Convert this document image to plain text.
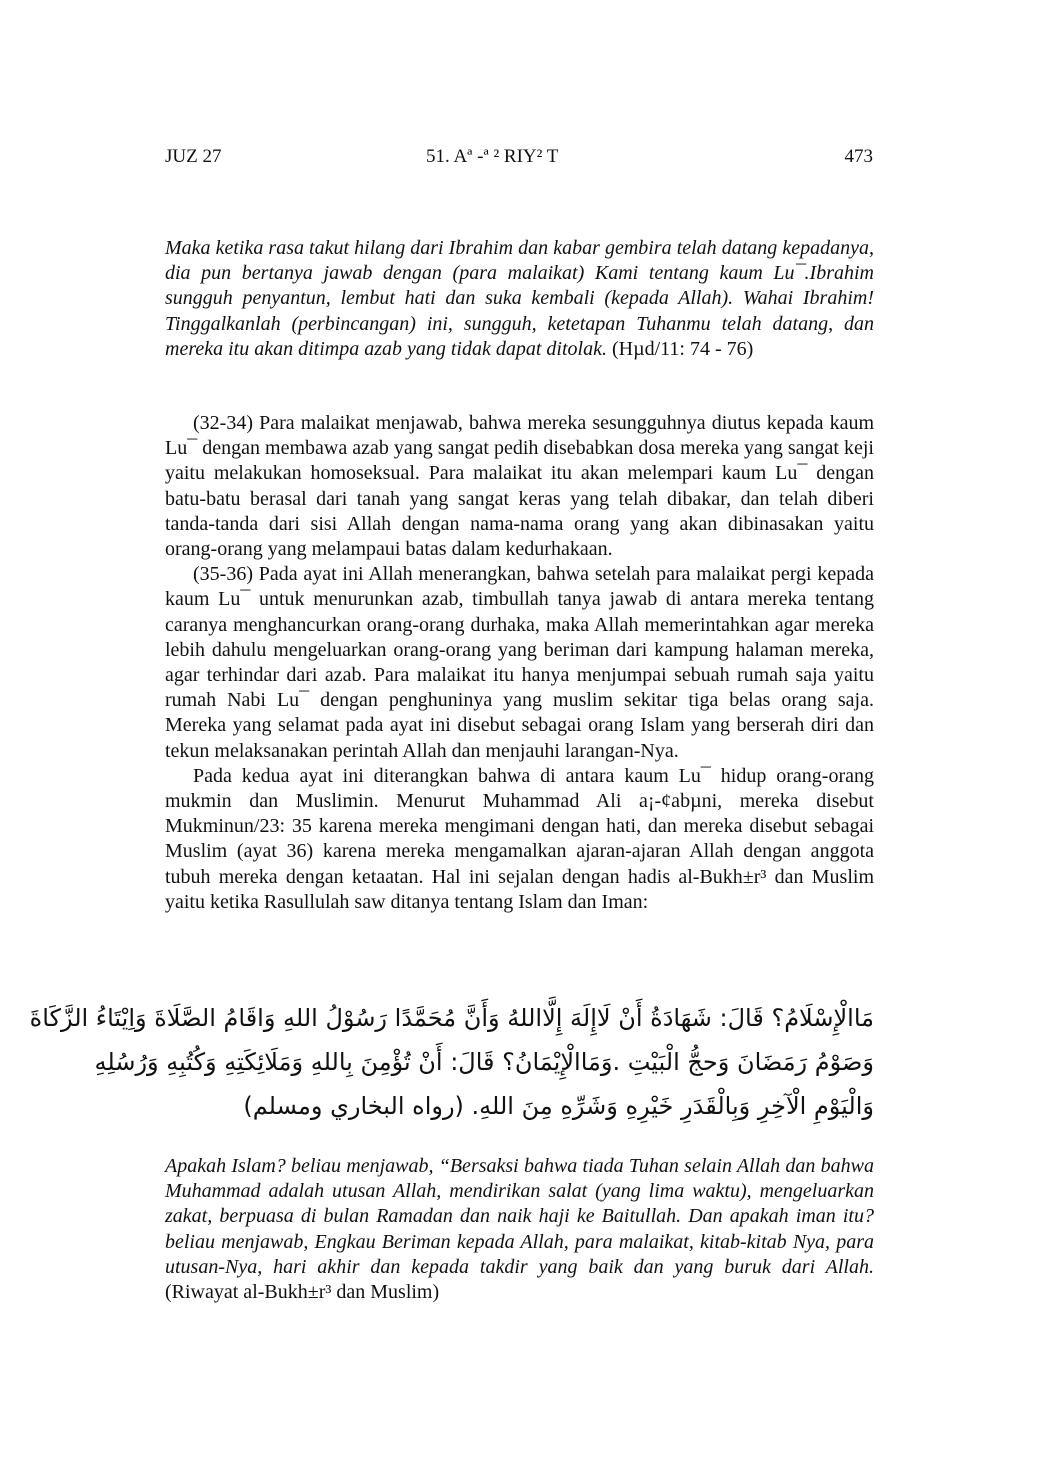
JUZ 27	51. Aª -ª ² RIY² T	473
Maka ketika rasa takut hilang dari Ibrahim dan kabar gembira telah datang kepadanya, dia pun bertanya jawab dengan (para malaikat) Kami tentang kaum Lu¯.Ibrahim sungguh penyantun, lembut hati dan suka kembali (kepada Allah). Wahai Ibrahim! Tinggalkanlah (perbincangan) ini, sungguh, ketetapan Tuhanmu telah datang, dan mereka itu akan ditimpa azab yang tidak dapat ditolak. (Hµd/11: 74 - 76)

(32-34) Para malaikat menjawab, bahwa mereka sesungguhnya diutus kepada kaum Lu¯ dengan membawa azab yang sangat pedih disebabkan dosa mereka yang sangat keji yaitu melakukan homoseksual. Para malaikat itu akan melempari kaum Lu¯ dengan batu-batu berasal dari tanah yang sangat keras yang telah dibakar, dan telah diberi tanda-tanda dari sisi Allah dengan nama-nama orang yang akan dibinasakan yaitu orang-orang yang melampaui batas dalam kedurhakaan.

(35-36) Pada ayat ini Allah menerangkan, bahwa setelah para malaikat pergi kepada kaum Lu¯ untuk menurunkan azab, timbullah tanya jawab di antara mereka tentang caranya menghancurkan orang-orang durhaka, maka Allah memerintahkan agar mereka lebih dahulu mengeluarkan orang-orang yang beriman dari kampung halaman mereka, agar terhindar dari azab. Para malaikat itu hanya menjumpai sebuah rumah saja yaitu rumah Nabi Lu¯ dengan penghuninya yang muslim sekitar tiga belas orang saja. Mereka yang selamat pada ayat ini disebut sebagai orang Islam yang berserah diri dan tekun melaksanakan perintah Allah dan menjauhi larangan-Nya.

Pada kedua ayat ini diterangkan bahwa di antara kaum Lu¯ hidup orang-orang mukmin dan Muslimin. Menurut Muhammad Ali a¡-¢abµni, mereka disebut Mukminun/23: 35 karena mereka mengimani dengan hati, dan mereka disebut sebagai Muslim (ayat 36) karena mereka mengamalkan ajaran-ajaran Allah dengan anggota tubuh mereka dengan ketaatan. Hal ini sejalan dengan hadis al-Bukh±r³ dan Muslim yaitu ketika Rasullulah saw ditanya tentang Islam dan Iman:

مَاالْإِسْلَامُ؟ قَالَ: شَهَادَةُ أَنْ لَاإِلَهَ إِلَّااللهُ وَأَنَّ مُحَمَّدًا رَسُوْلُ اللهِ وَاقَامُ الصَّلَاةَ وَاِيْتَاءُ الزَّكَاةَ
وَصَوْمُ رَمَضَانَ وَحجُّ الْبَيْتِ .وَمَاالْإِيْمَانُ؟ قَالَ: أَنْ تُؤْمِنَ بِاللهِ وَمَلَائِكَتِهِ وَكُتُبِهِ وَرُسُلِهِ
وَالْيَوْمِ الْآخِرِ وَبِالْقَدَرِ خَيْرِهِ وَشَرِّهِ مِنَ اللهِ. (رواه البخاري ومسلم)
Apakah Islam? beliau menjawab, “Bersaksi bahwa tiada Tuhan selain Allah dan bahwa Muhammad adalah utusan Allah, mendirikan salat (yang lima waktu), mengeluarkan zakat, berpuasa di bulan Ramadan dan naik haji ke Baitullah. Dan apakah iman itu? beliau menjawab, Engkau Beriman kepada Allah, para malaikat, kitab-kitab Nya, para utusan-Nya, hari akhir dan kepada takdir yang baik dan yang buruk dari Allah. (Riwayat al-Bukh±r³ dan Muslim)
